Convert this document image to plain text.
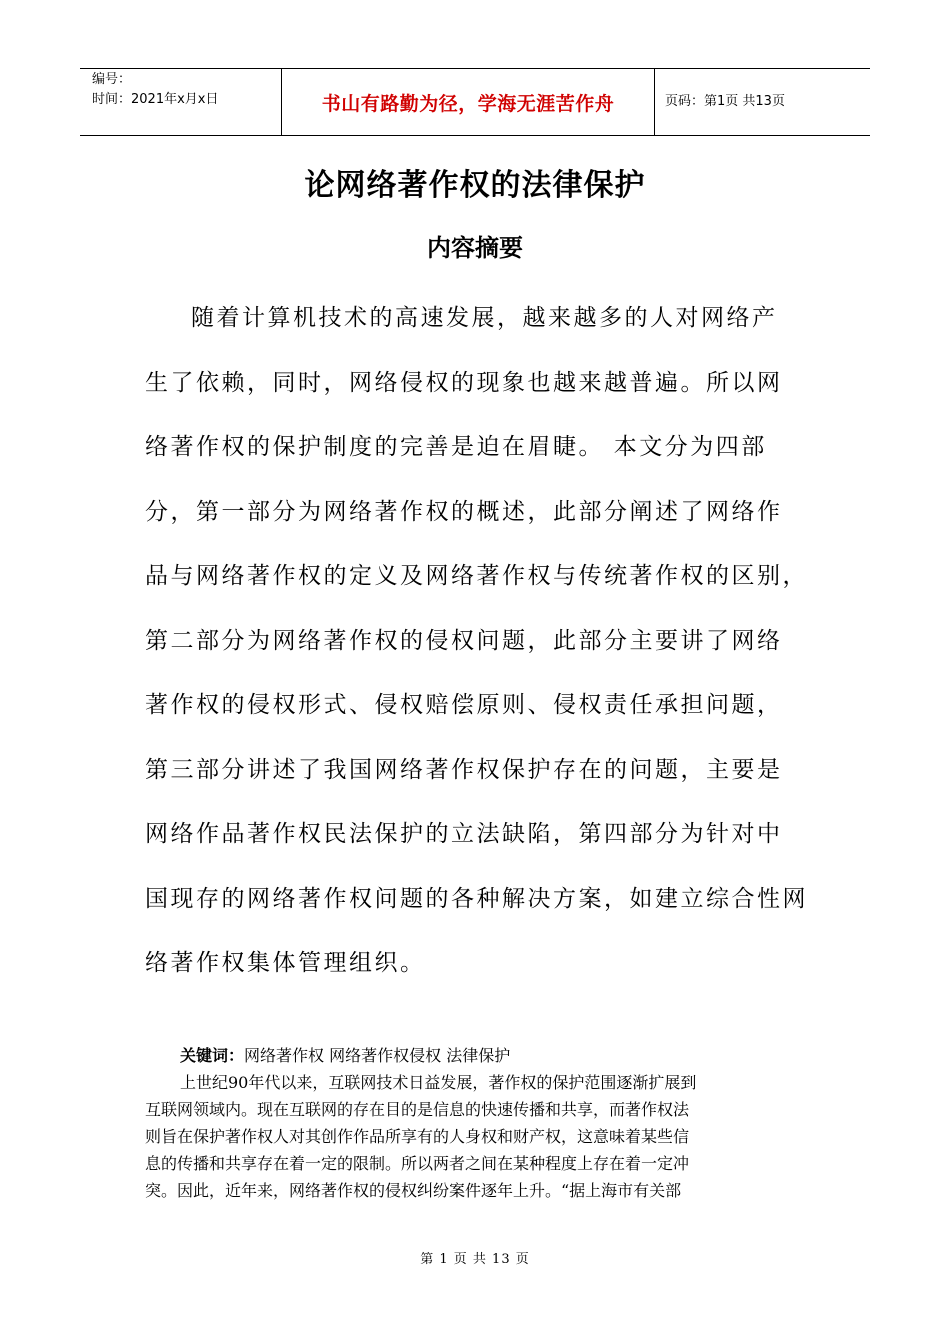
编号：
时间：2021年x月x日	书山有路勤为径，学海无涯苦作舟	页码：第1页 共13页
论网络著作权的法律保护
内容摘要
随着计算机技术的高速发展，越来越多的人对网络产
生了依赖，同时，网络侵权的现象也越来越普遍。所以网
络著作权的保护制度的完善是迫在眉睫。 本文分为四部
分，第一部分为网络著作权的概述，此部分阐述了网络作
品与网络著作权的定义及网络著作权与传统著作权的区别，
第二部分为网络著作权的侵权问题，此部分主要讲了网络
著作权的侵权形式、侵权赔偿原则、侵权责任承担问题，
第三部分讲述了我国网络著作权保护存在的问题，主要是
网络作品著作权民法保护的立法缺陷，第四部分为针对中
国现存的网络著作权问题的各种解决方案，如建立综合性网
络著作权集体管理组织。
关键词：网络著作权 网络著作权侵权 法律保护
上世纪90年代以来，互联网技术日益发展，著作权的保护范围逐渐扩展到
互联网领域内。现在互联网的存在目的是信息的快速传播和共享，而著作权法
则旨在保护著作权人对其创作作品所享有的人身权和财产权，这意味着某些信
息的传播和共享存在着一定的限制。所以两者之间在某种程度上存在着一定冲
突。因此，近年来，网络著作权的侵权纠纷案件逐年上升。“据上海市有关部
第 1 页 共 13 页
